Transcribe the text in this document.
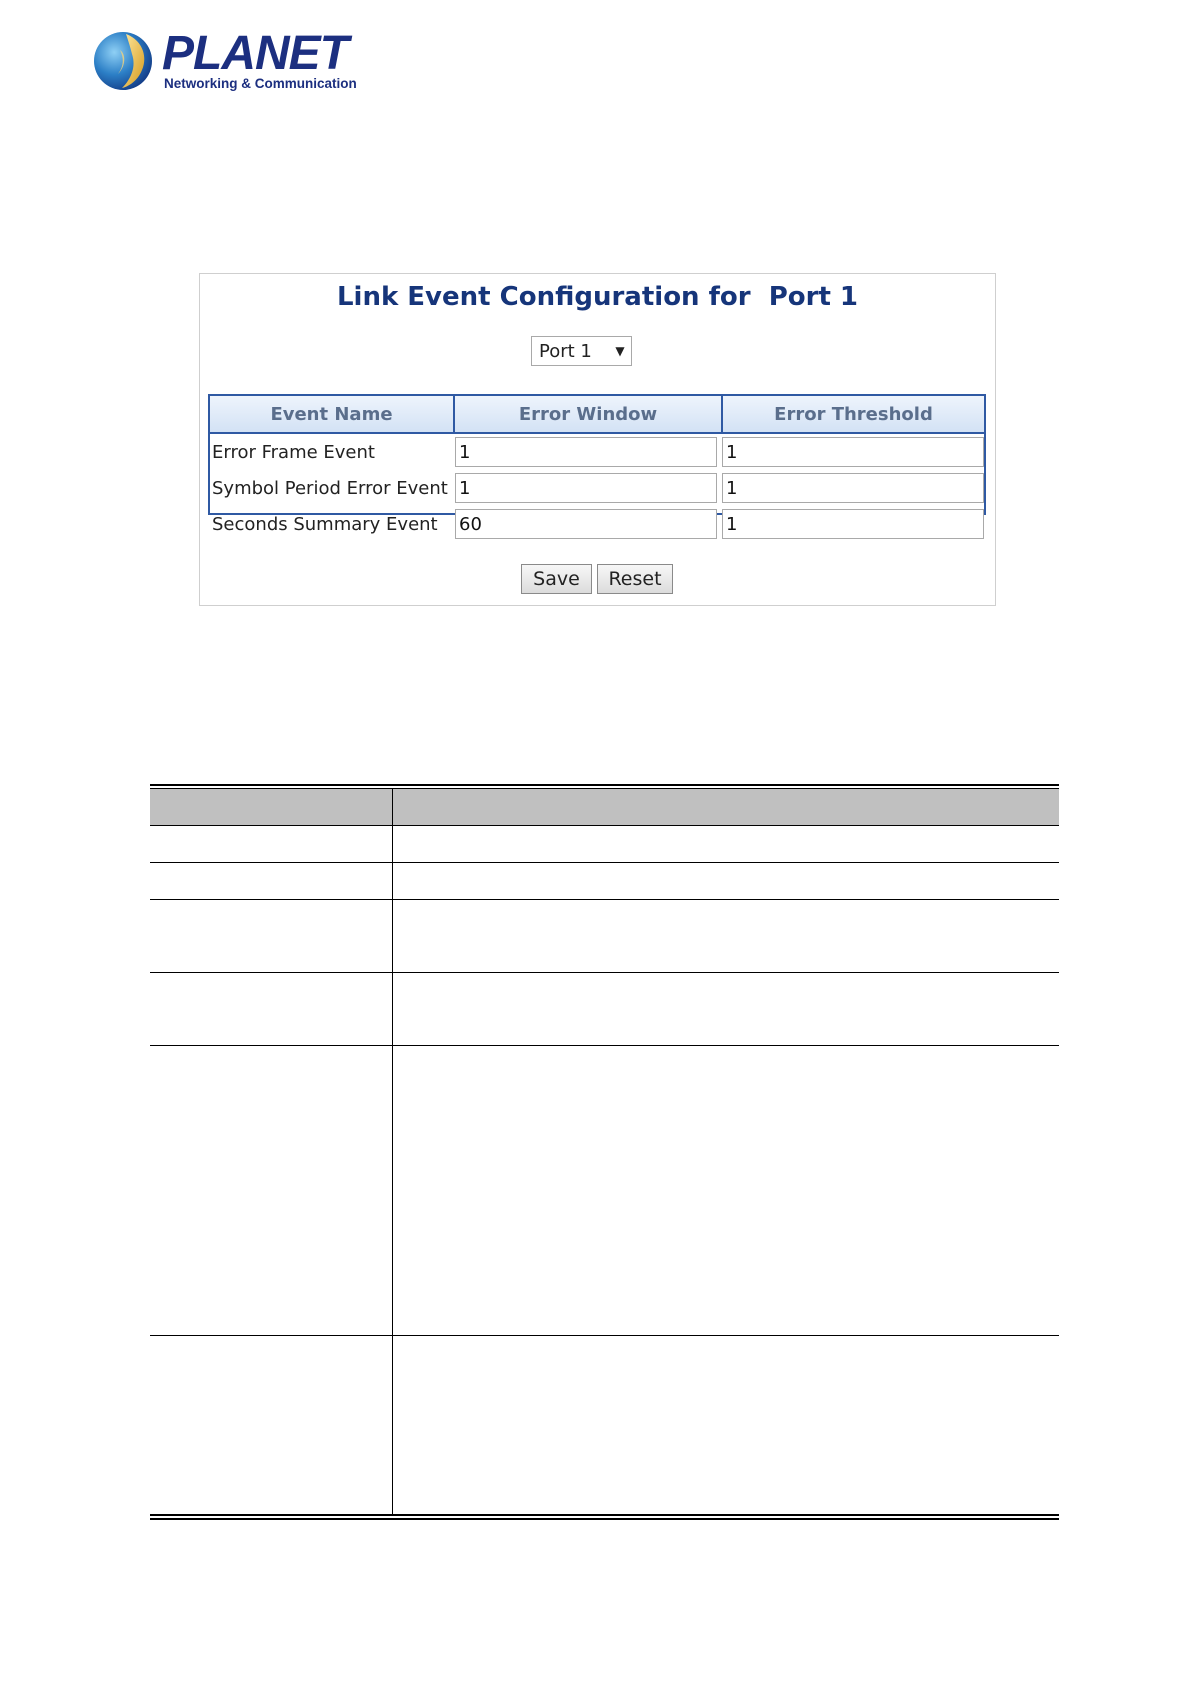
PLANET
Networking & Communication
Link Event Configuration for  Port 1
Port 1	▼
Event Name	Error Window	Error Threshold
Error Frame Event	1	1
Symbol Period Error Event 1	1
Seconds Summary Event	60	1
Save	Reset
